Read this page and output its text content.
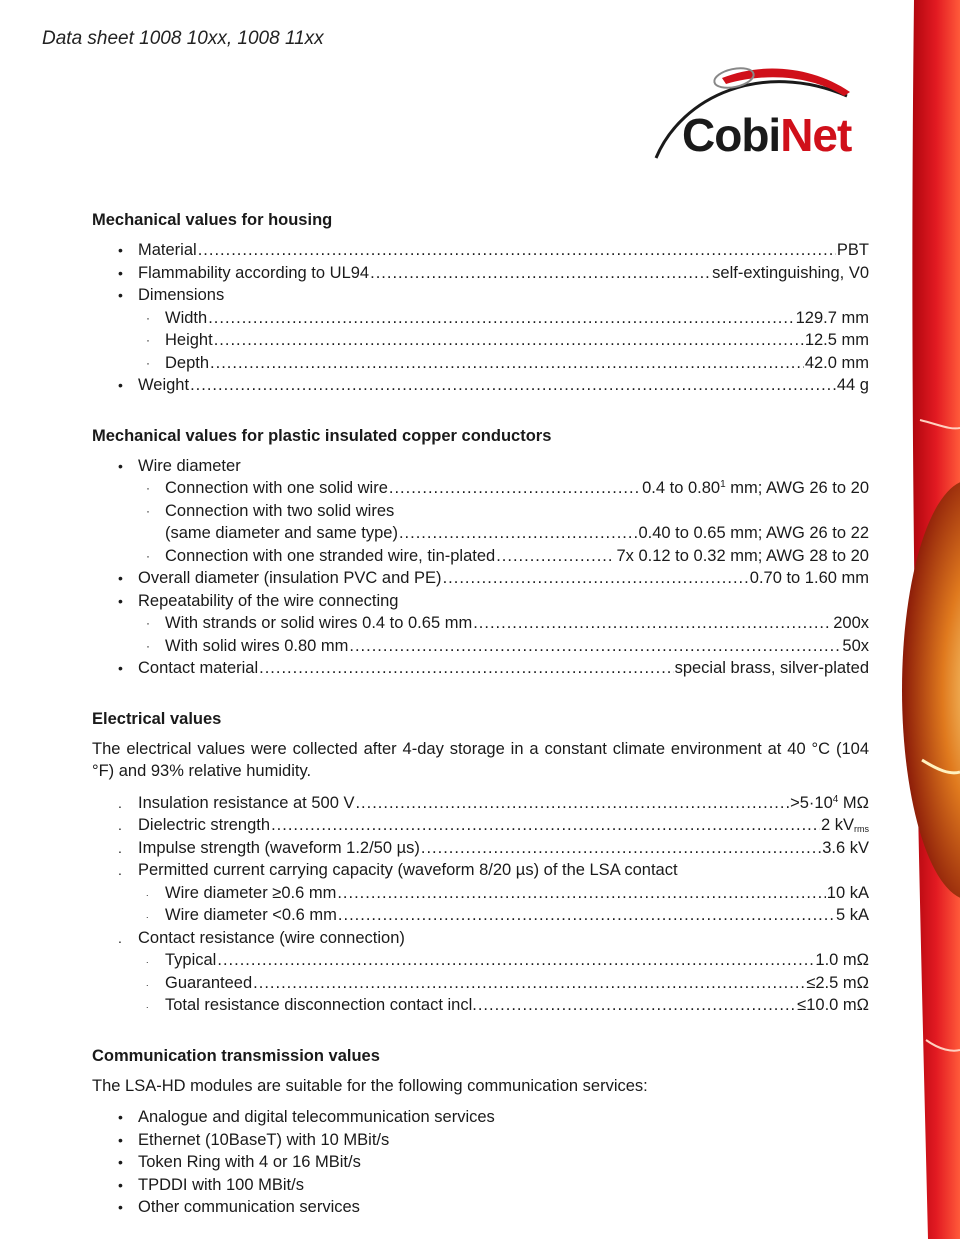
Data sheet 1008 10xx, 1008 11xx
CobiNet
Mechanical values for housing
• Material .....	PBT
• Flammability according to UL94 .....	self-extinguishing, V0
• Dimensions
· Width .....	129.7 mm
· Height .....	12.5 mm
· Depth .....	42.0 mm
• Weight .....	44 g
Mechanical values for plastic insulated copper conductors
• Wire diameter
· Connection with one solid wire .....	0.4 to 0.80$^1$ mm; AWG 26 to 20
· Connection with two solid wires
(same diameter and same type) .....	0.40 to 0.65 mm; AWG 26 to 22
· Connection with one stranded wire, tin-plated .....	7x 0.12 to 0.32 mm; AWG 28 to 20
• Overall diameter (insulation PVC and PE) .....	0.70 to 1.60 mm
• Repeatability of the wire connecting
· With strands or solid wires 0.4 to 0.65 mm .....	200x
· With solid wires 0.80 mm .....	50x
• Contact material .....	special brass, silver-plated
Electrical values

The electrical values were collected after 4-day storage in a constant climate environment at 40 °C (104 °F) and 93% relative humidity.

. Insulation resistance at 500 V .....	$>5\cdot 10^4$ MΩ
. Dielectric strength .....	2 $kV_{rms}$
. Impulse strength (waveform 1.2/50 µs) .....	3.6 kV
. Permitted current carrying capacity (waveform 8/20 µs) of the LSA contact
. Wire diameter ≥0.6 mm .....	10 kA
. Wire diameter <0.6 mm .....	5 kA
. Contact resistance (wire connection)
. Typical .....	1.0 mΩ
. Guaranteed .....	≤2.5 mΩ
. Total resistance disconnection contact incl. .....	≤10.0 mΩ
Communication transmission values

The LSA-HD modules are suitable for the following communication services:

• Analogue and digital telecommunication services
• Ethernet (10BaseT) with 10 MBit/s
• Token Ring with 4 or 16 MBit/s
• TPDDI with 100 MBit/s
• Other communication services
